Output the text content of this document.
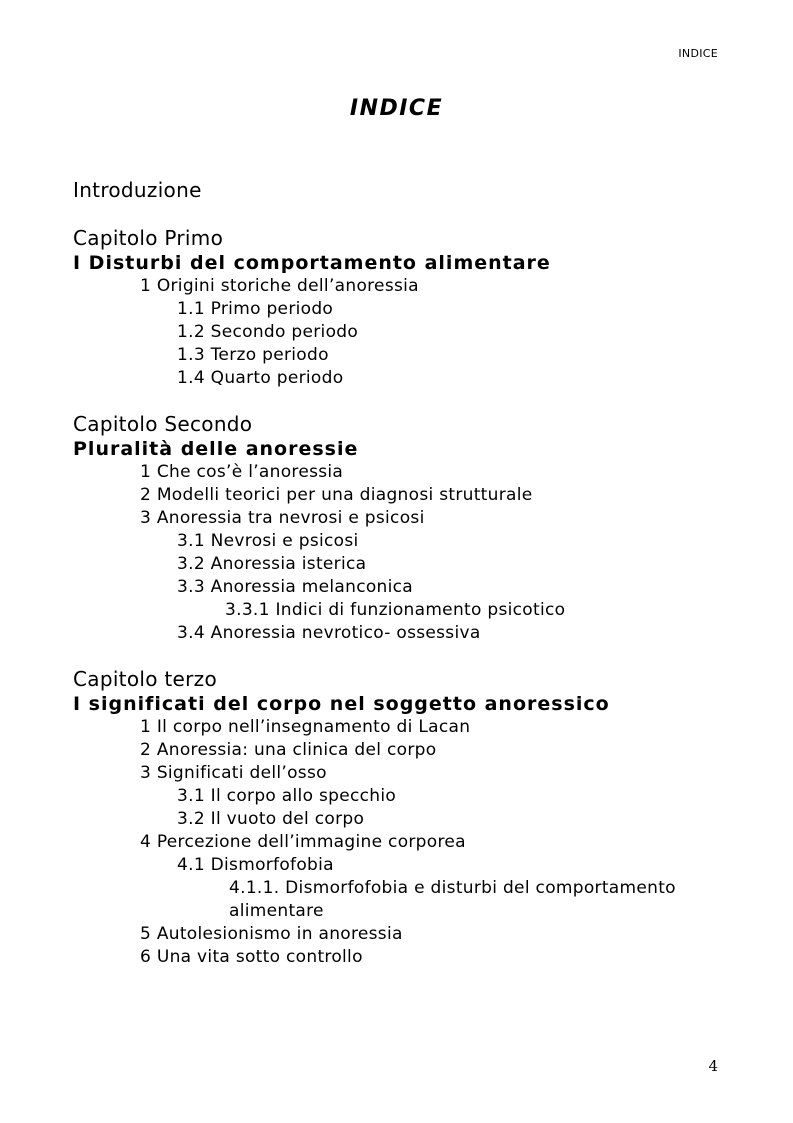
INDICE
INDICE
Introduzione
Capitolo Primo
I Disturbi del comportamento alimentare
1 Origini storiche dell’anoressia
1.1 Primo periodo
1.2 Secondo periodo
1.3 Terzo periodo
1.4 Quarto periodo
Capitolo Secondo
Pluralità delle anoressie
1 Che cos’è l’anoressia
2 Modelli teorici per una diagnosi strutturale
3 Anoressia tra nevrosi e psicosi
3.1 Nevrosi e psicosi
3.2 Anoressia isterica
3.3 Anoressia melanconica
3.3.1 Indici di funzionamento psicotico
3.4 Anoressia nevrotico- ossessiva
Capitolo terzo
I significati del corpo nel soggetto anoressico
1 Il corpo nell’insegnamento di Lacan
2 Anoressia: una clinica del corpo
3 Significati dell’osso
3.1 Il corpo allo specchio
3.2 Il vuoto del corpo
4 Percezione dell’immagine corporea
4.1 Dismorfofobia
4.1.1. Dismorfofobia e disturbi del comportamento
alimentare
5 Autolesionismo in anoressia
6 Una vita sotto controllo
4
